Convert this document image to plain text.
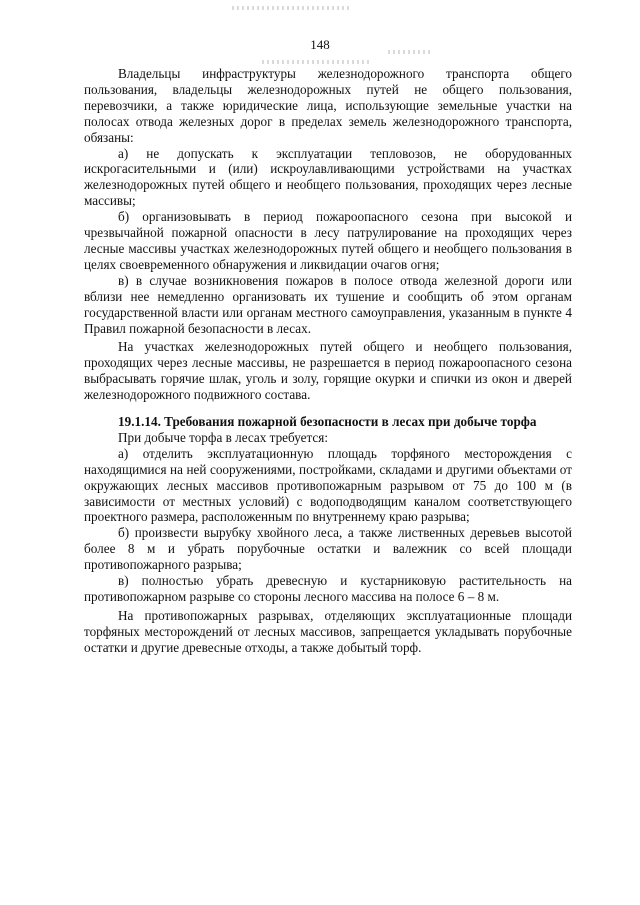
148

Владельцы инфраструктуры железнодорожного транспорта общего пользования, владельцы железнодорожных путей не общего пользования, перевозчики, а также юридические лица, использующие земельные участки на полосах отвода железных дорог в пределах земель железнодорожного транспорта, обязаны:

а) не допускать к эксплуатации тепловозов, не оборудованных искрогасительными и (или) искроулавливающими устройствами на участках железнодорожных путей общего и необщего пользования, проходящих через лесные массивы;

б) организовывать в период пожароопасного сезона при высокой и чрезвычайной пожарной опасности в лесу патрулирование на проходящих через лесные массивы участках железнодорожных путей общего и необщего пользования в целях своевременного обнаружения и ликвидации очагов огня;

в) в случае возникновения пожаров в полосе отвода железной дороги или вблизи нее немедленно организовать их тушение и сообщить об этом органам государственной власти или органам местного самоуправления, указанным в пункте 4 Правил пожарной безопасности в лесах.

На участках железнодорожных путей общего и необщего пользования, проходящих через лесные массивы, не разрешается в период пожароопасного сезона выбрасывать горячие шлак, уголь и золу, горящие окурки и спички из окон и дверей железнодорожного подвижного состава.

19.1.14. Требования пожарной безопасности в лесах при добыче торфа

При добыче торфа в лесах требуется:

а) отделить эксплуатационную площадь торфяного месторождения с находящимися на ней сооружениями, постройками, складами и другими объектами от окружающих лесных массивов противопожарным разрывом от 75 до 100 м (в зависимости от местных условий) с водоподводящим каналом соответствующего проектного размера, расположенным по внутреннему краю разрыва;

б) произвести вырубку хвойного леса, а также лиственных деревьев высотой более 8 м и убрать порубочные остатки и валежник со всей площади противопожарного разрыва;

в) полностью убрать древесную и кустарниковую растительность на противопожарном разрыве со стороны лесного массива на полосе 6 – 8 м.

На противопожарных разрывах, отделяющих эксплуатационные площади торфяных месторождений от лесных массивов, запрещается укладывать порубочные остатки и другие древесные отходы, а также добытый торф.
